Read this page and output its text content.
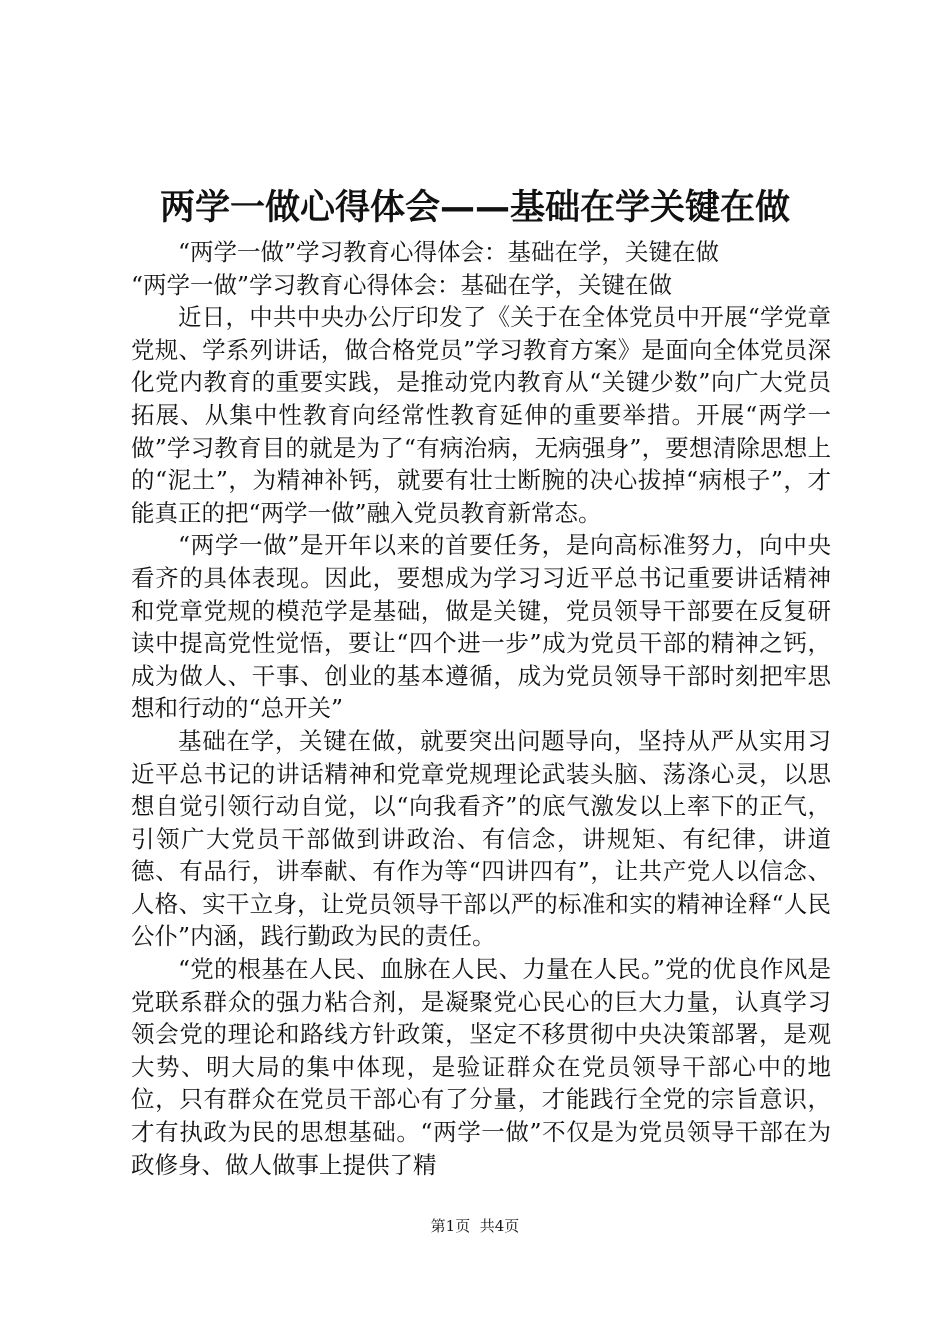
两学一做心得体会——基础在学关键在做

“两学一做”学习教育心得体会：基础在学，关键在做

“两学一做”学习教育心得体会：基础在学，关键在做

近日，中共中央办公厅印发了《关于在全体党员中开展“学党章党规、学系列讲话，做合格党员”学习教育方案》是面向全体党员深化党内教育的重要实践，是推动党内教育从“关键少数”向广大党员拓展、从集中性教育向经常性教育延伸的重要举措。开展“两学一做”学习教育目的就是为了“有病治病，无病强身”，要想清除思想上的“泥土”，为精神补钙，就要有壮士断腕的决心拔掉“病根子”，才能真正的把“两学一做”融入党员教育新常态。

“两学一做”是开年以来的首要任务，是向高标准努力，向中央看齐的具体表现。因此，要想成为学习习近平总书记重要讲话精神和党章党规的模范学是基础，做是关键，党员领导干部要在反复研读中提高党性觉悟，要让“四个进一步”成为党员干部的精神之钙，成为做人、干事、创业的基本遵循，成为党员领导干部时刻把牢思想和行动的“总开关”

基础在学，关键在做，就要突出问题导向，坚持从严从实用习近平总书记的讲话精神和党章党规理论武装头脑、荡涤心灵，以思想自觉引领行动自觉，以“向我看齐”的底气激发以上率下的正气，引领广大党员干部做到讲政治、有信念，讲规矩、有纪律，讲道德、有品行，讲奉献、有作为等“四讲四有”，让共产党人以信念、人格、实干立身，让党员领导干部以严的标准和实的精神诠释“人民公仆”内涵，践行勤政为民的责任。

“党的根基在人民、血脉在人民、力量在人民。”党的优良作风是党联系群众的强力粘合剂，是凝聚党心民心的巨大力量，认真学习领会党的理论和路线方针政策，坚定不移贯彻中央决策部署，是观大势、明大局的集中体现，是验证群众在党员领导干部心中的地位，只有群众在党员干部心有了分量，才能践行全党的宗旨意识，才有执政为民的思想基础。“两学一做”不仅是为党员领导干部在为政修身、做人做事上提供了精

第1页 共4页
